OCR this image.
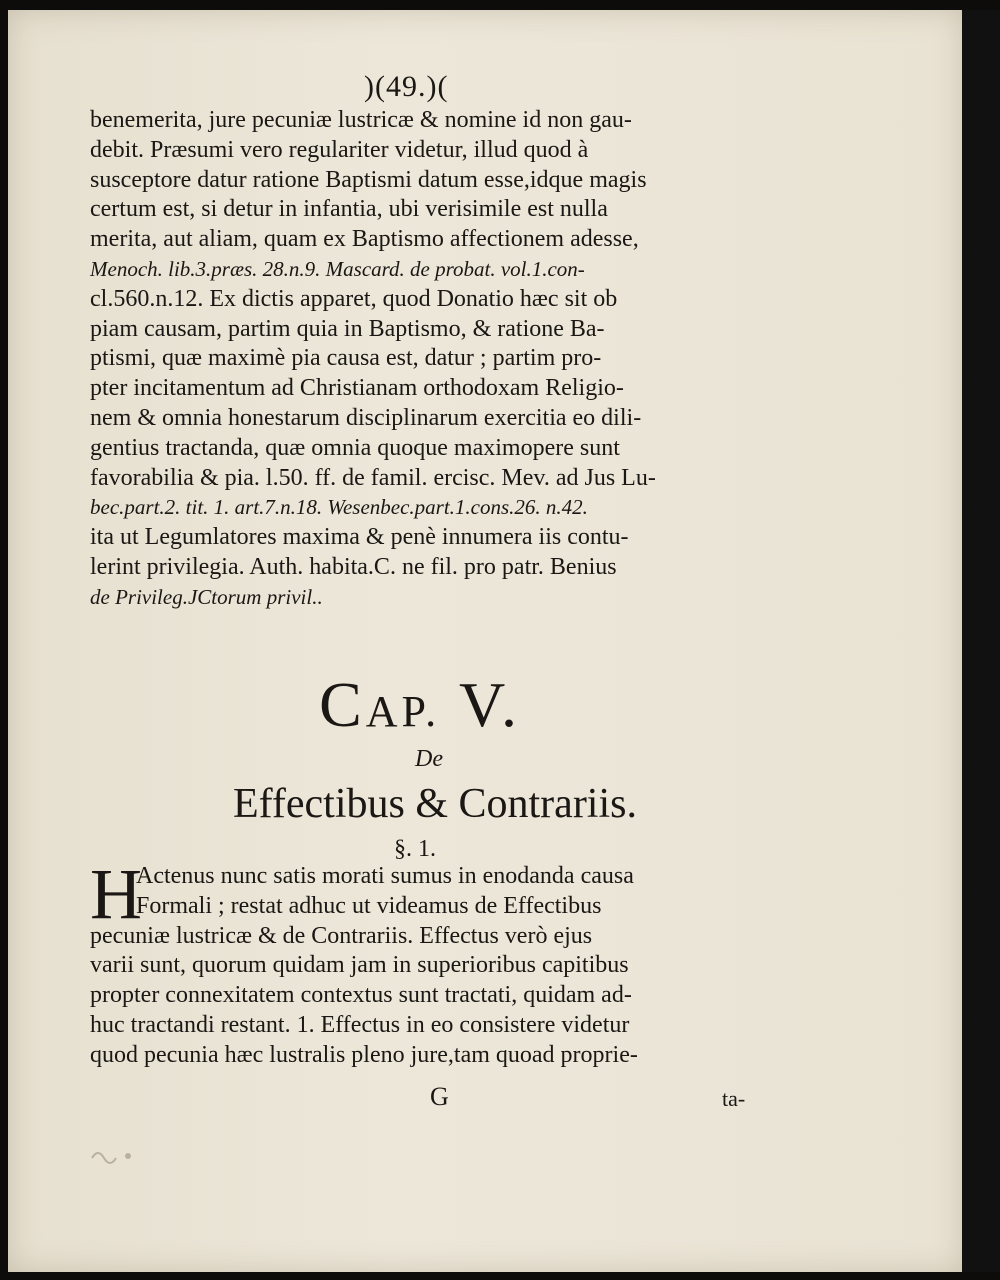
)(49.)(
benemerita, jure pecuniæ lustricæ & nomine id non gau-
debit. Præsumi vero regulariter videtur, illud quod à
susceptore datur ratione Baptismi datum esse,idque magis
certum est, si detur in infantia, ubi verisimile est nulla
merita, aut aliam, quam ex Baptismo affectionem adesse,
Menoch. lib.3.præs. 28.n.9. Mascard. de probat. vol.1.con-
cl.560.n.12. Ex dictis apparet, quod Donatio hæc sit ob
piam causam, partim quia in Baptismo, & ratione Ba-
ptismi, quæ maximè pia causa est, datur ; partim pro-
pter incitamentum ad Christianam orthodoxam Religio-
nem & omnia honestarum disciplinarum exercitia eo dili-
gentius tractanda, quæ omnia quoque maximopere sunt
favorabilia & pia. l.50. ff. de famil. ercisc. Mev. ad Jus Lu-
bec.part.2. tit. 1. art.7.n.18. Wesenbec.part.1.cons.26. n.42.
ita ut Legumlatores maxima & penè innumera iis contu-
lerint privilegia. Auth. habita.C. ne fil. pro patr. Benius
de Privileg.JCtorum privil..
CAP. V.
De
Effectibus & Contrariis.
§. 1.
H
Actenus nunc satis morati sumus in enodanda causa
Formali ; restat adhuc ut videamus de Effectibus
pecuniæ lustricæ & de Contrariis. Effectus verò ejus
varii sunt, quorum quidam jam in superioribus capitibus
propter connexitatem contextus sunt tractati, quidam ad-
huc tractandi restant. 1. Effectus in eo consistere videtur
quod pecunia hæc lustralis pleno jure,tam quoad proprie-
G	ta-
